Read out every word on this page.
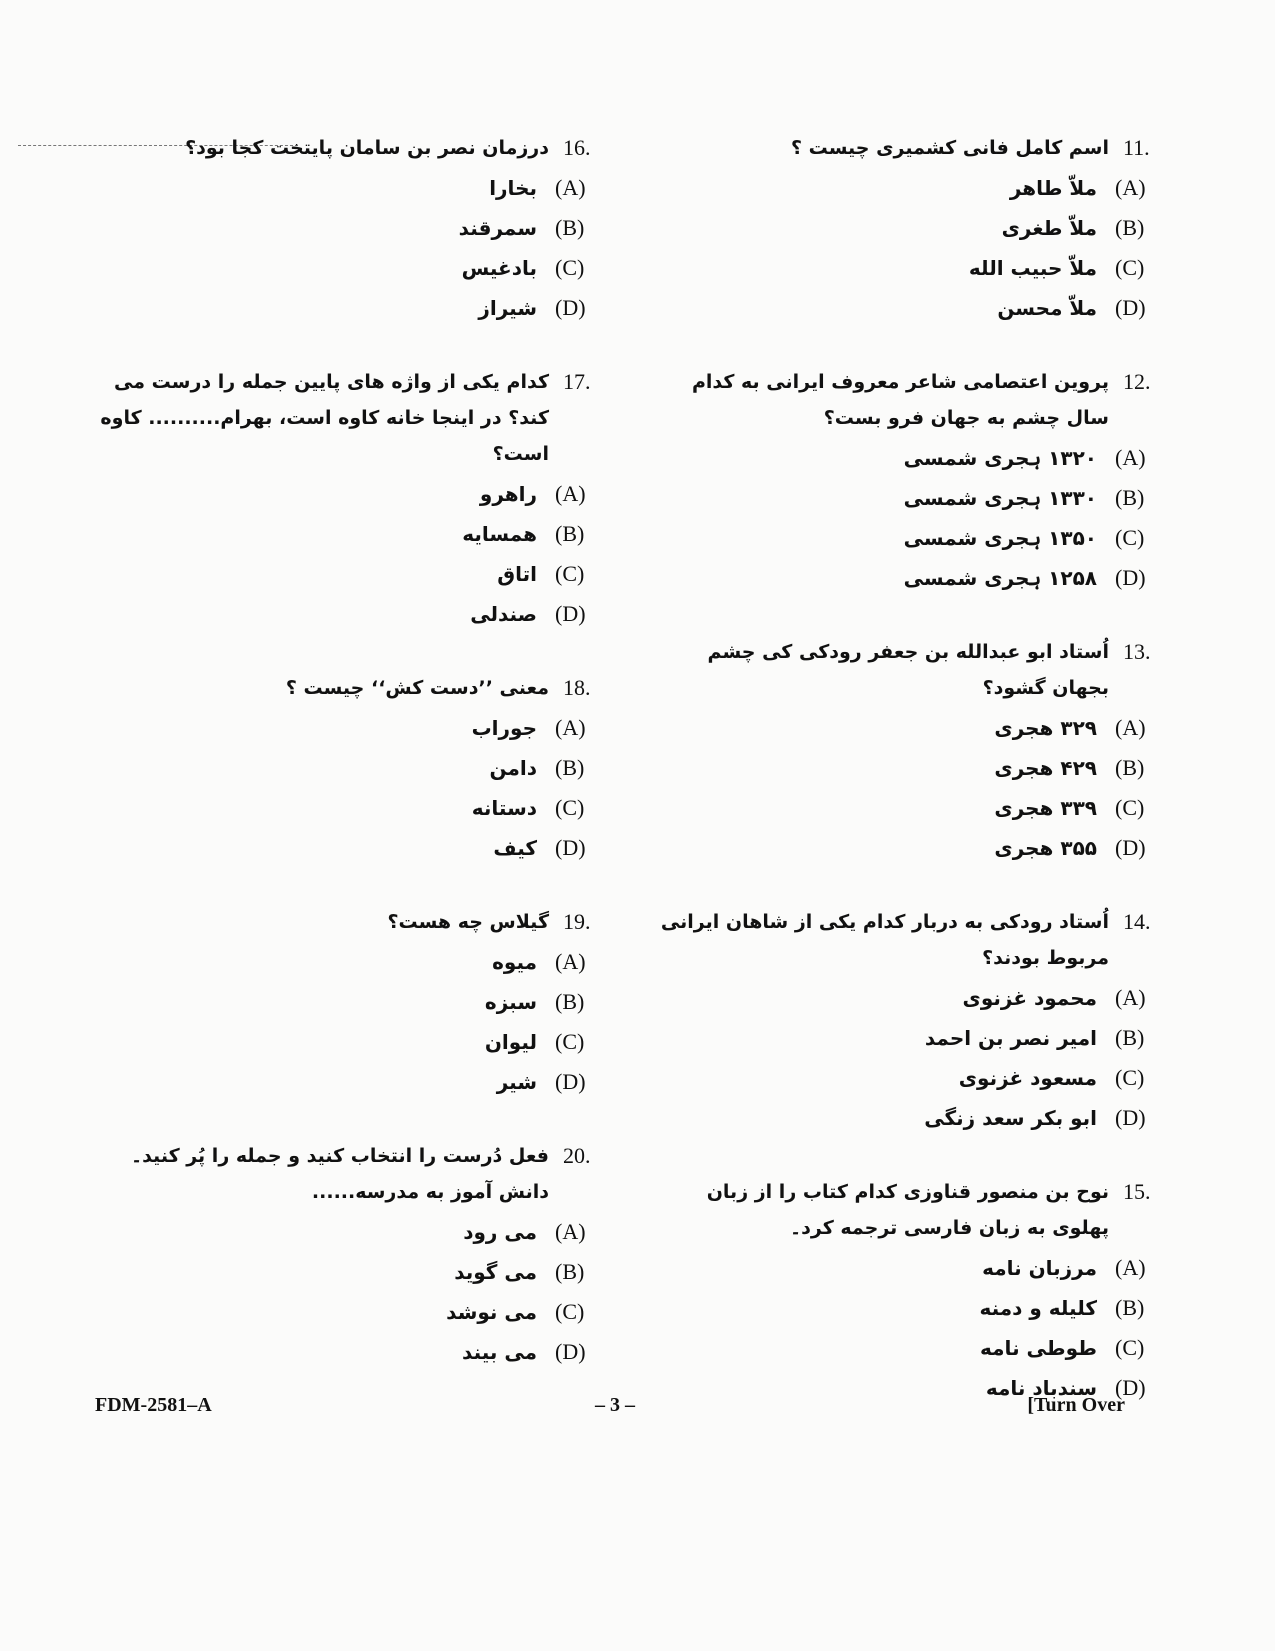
اسم کامل فانی کشمیری چیست ؟ 11.
ملاّ طاهر (A)
ملاّ طغری (B)
ملاّ حبیب الله (C)
ملاّ محسن (D)
پروین اعتصامی شاعر معروف ایرانی به کدام سال چشم به جهان فرو بست؟
12.
۱۳۲۰ ہجری شمسی (A)
۱۳۳۰ ہجری شمسی (B)
۱۳۵۰ ہجری شمسی (C)
۱۲۵۸ ہجری شمسی (D)
اُستاد ابو عبدالله بن جعفر رودکی کی چشم بجهان گشود؟
13.
۳۲۹ هجری (A)
۴۲۹ هجری (B)
۳۳۹ هجری (C)
۳۵۵ هجری (D)
اُستاد رودکی به دربار کدام یکی از شاهان ایرانی مربوط بودند؟
14.
محمود غزنوی (A)
امیر نصر بن احمد (B)
مسعود غزنوی (C)
ابو بکر سعد زنگی (D)
نوح بن منصور قناوزی کدام کتاب را از زبان پهلوی به زبان فارسی ترجمه کرد۔
15.
مرزبان نامه (A)
کلیله و دمنه (B)
طوطی نامه (C)
سندباد نامه (D)
درزمان نصر بن سامان پایتخت کجا بود؟ 16.
بخارا (A)
سمرقند (B)
بادغیس (C)
شیراز (D)
کدام یکی از واژه های پایین جمله را درست می کند؟ در اینجا خانه کاوه است، بهرام.......... کاوه است؟
17.
راهرو (A)
همسایه (B)
اتاق (C)
صندلی (D)
معنی ’’دست کش‘‘ چیست ؟ 18.
جوراب (A)
دامن (B)
دستانه (C)
کیف (D)
گیلاس چه هست؟ 19.
میوه (A)
سبزه (B)
لیوان (C)
شیر (D)
فعل دُرست را انتخاب کنید و جمله را پُر کنید۔ دانش آموز به مدرسه......
20.
می رود (A)
می گوید (B)
می نوشد (C)
می بیند (D)
FDM-2581–A	– 3 –	[Turn Over
